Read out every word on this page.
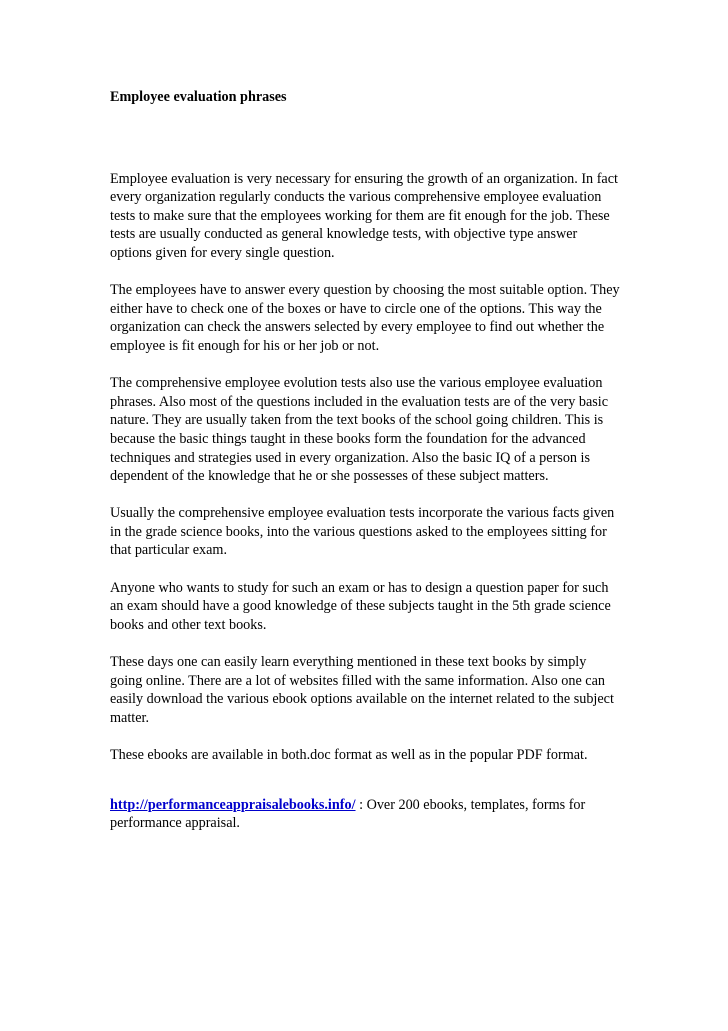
Employee evaluation phrases

Employee evaluation is very necessary for ensuring the growth of an organization. In fact every organization regularly conducts the various comprehensive employee evaluation tests to make sure that the employees working for them are fit enough for the job. These tests are usually conducted as general knowledge tests, with objective type answer options given for every single question.

The employees have to answer every question by choosing the most suitable option. They either have to check one of the boxes or have to circle one of the options. This way the organization can check the answers selected by every employee to find out whether the employee is fit enough for his or her job or not.

The comprehensive employee evolution tests also use the various employee evaluation phrases. Also most of the questions included in the evaluation tests are of the very basic nature. They are usually taken from the text books of the school going children. This is because the basic things taught in these books form the foundation for the advanced techniques and strategies used in every organization. Also the basic IQ of a person is dependent of the knowledge that he or she possesses of these subject matters.

Usually the comprehensive employee evaluation tests incorporate the various facts given in the grade science books, into the various questions asked to the employees sitting for that particular exam.

Anyone who wants to study for such an exam or has to design a question paper for such an exam should have a good knowledge of these subjects taught in the 5th grade science books and other text books.

These days one can easily learn everything mentioned in these text books by simply going online. There are a lot of websites filled with the same information. Also one can easily download the various ebook options available on the internet related to the subject matter.

These ebooks are available in both.doc format as well as in the popular PDF format.

http://performanceappraisalebooks.info/ : Over 200 ebooks, templates, forms for performance appraisal.
